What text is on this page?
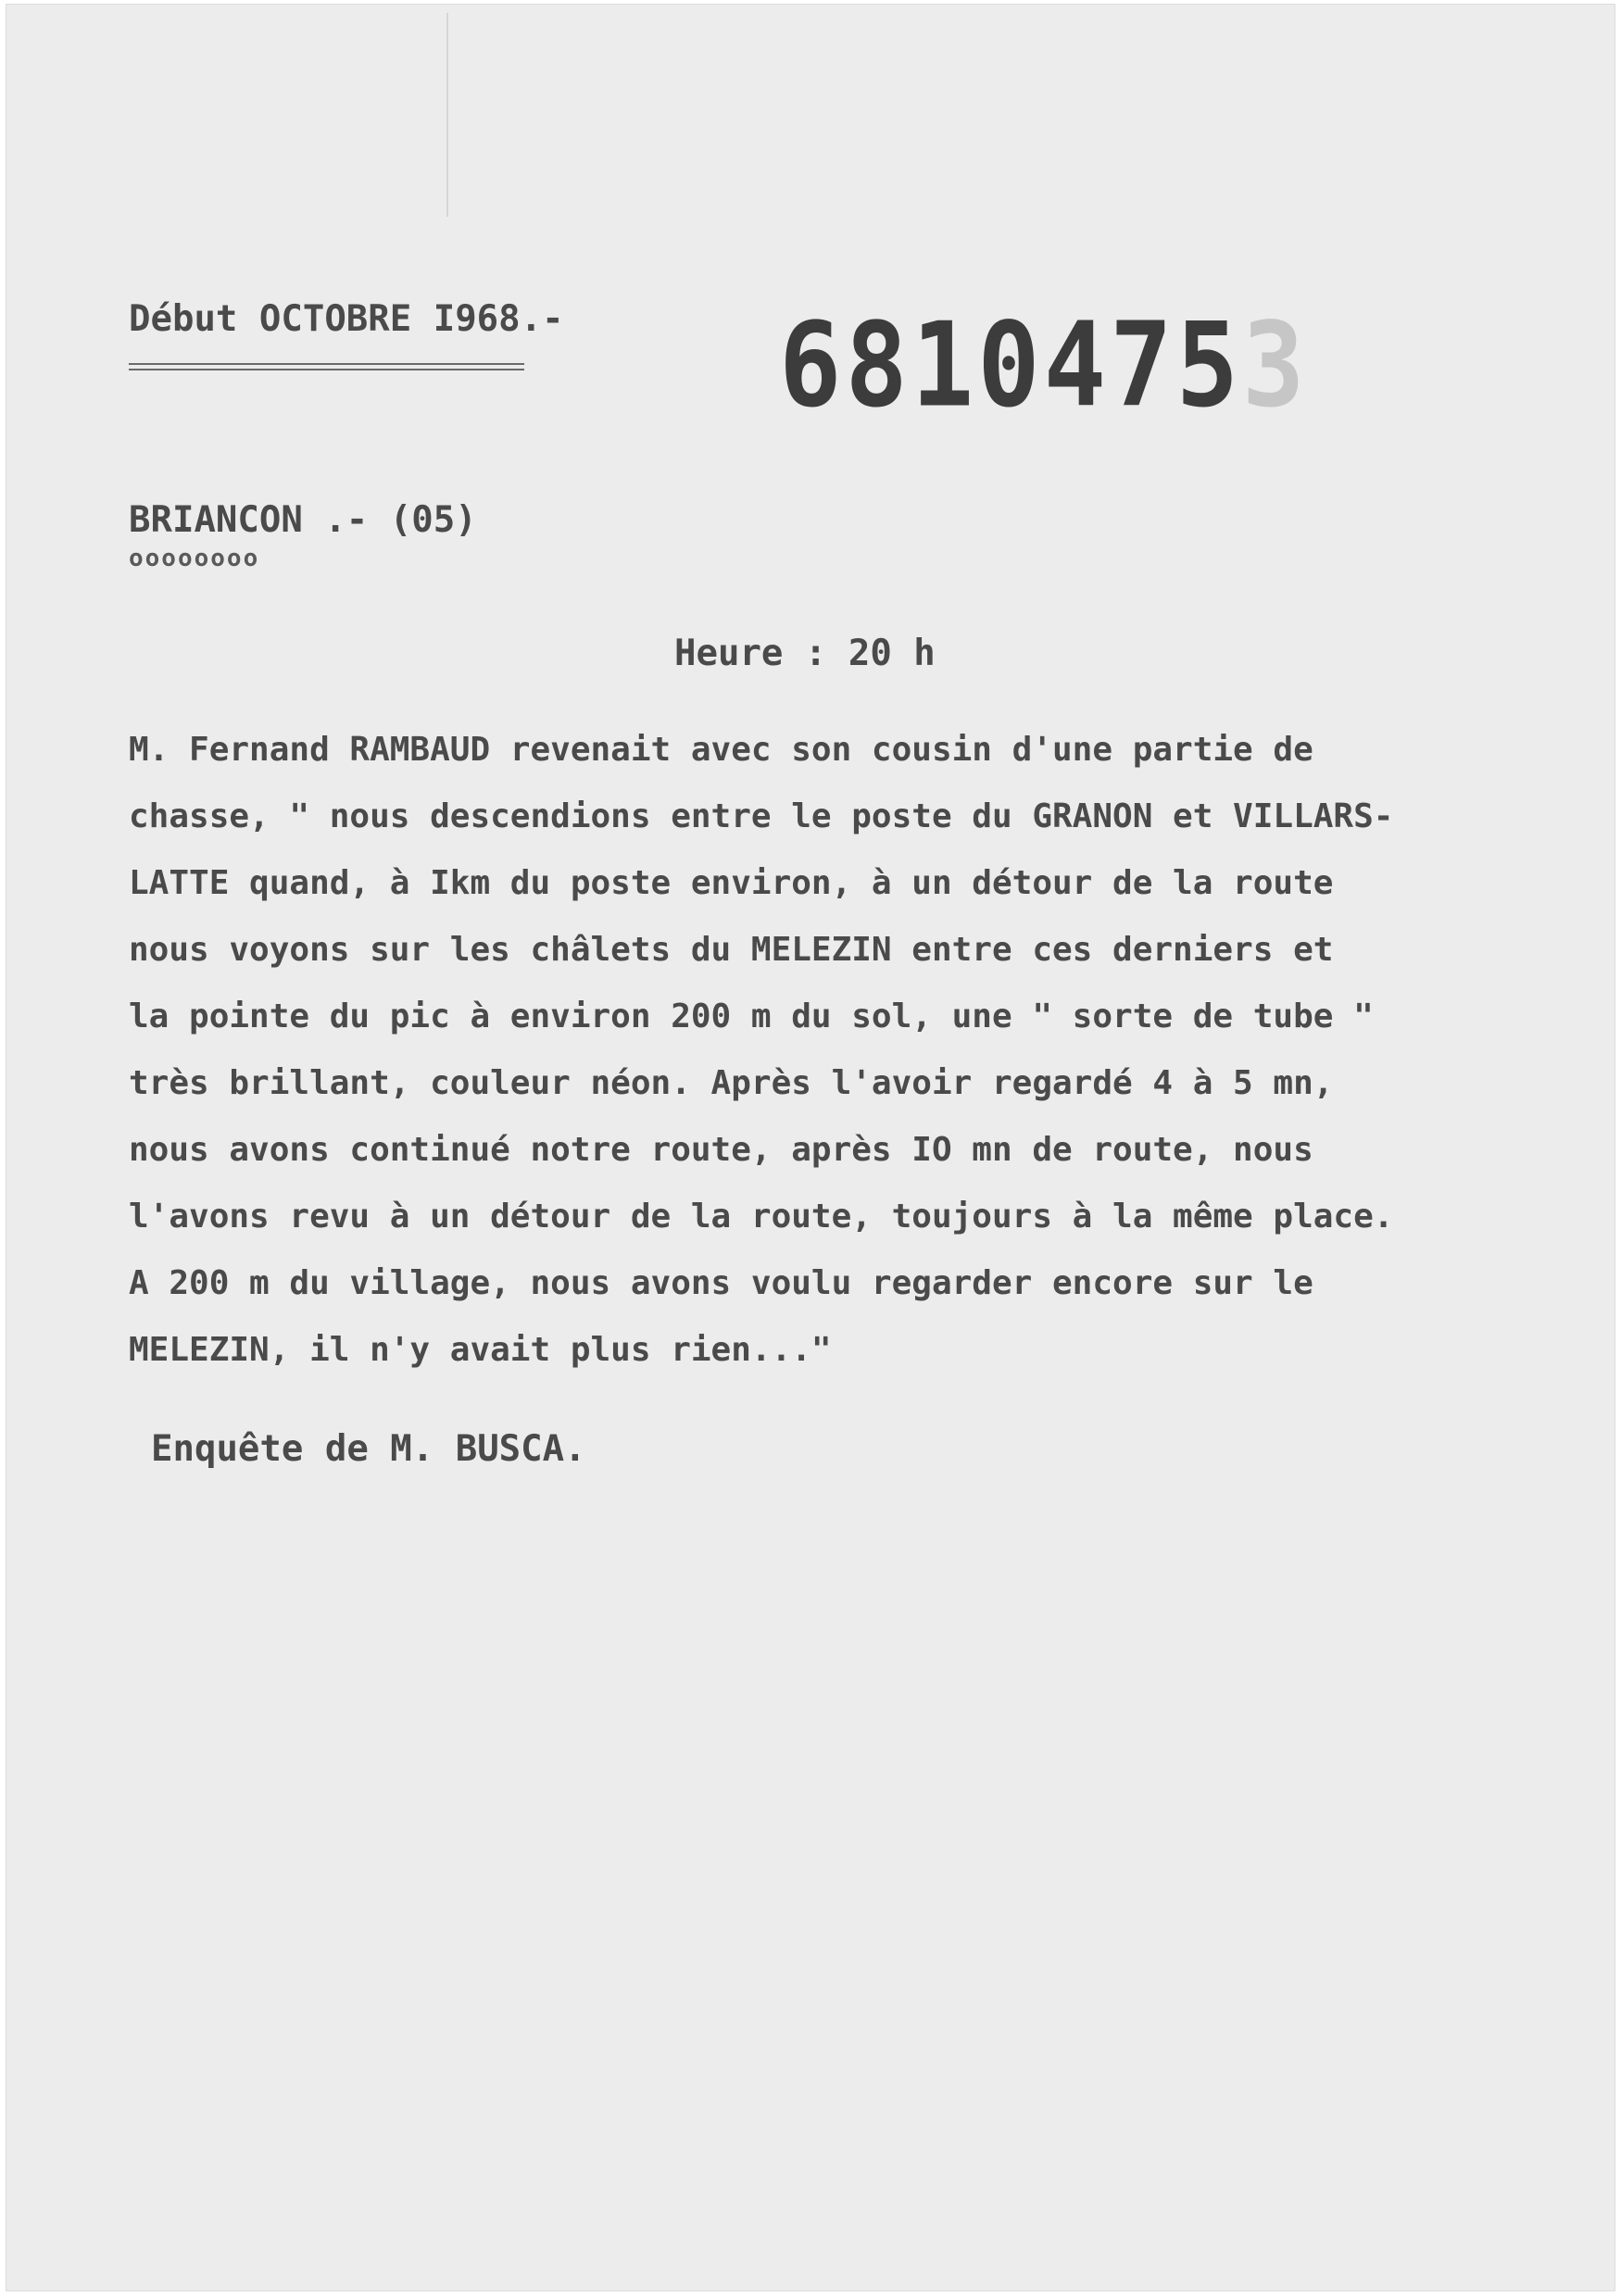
Début OCTOBRE I968.- 68104753
BRIANCON .- (05)
oooooooo
Heure : 20 h
M. Fernand RAMBAUD revenait avec son cousin d'une partie de
chasse, " nous descendions entre le poste du GRANON et VILLARS-
LATTE quand, à Ikm du poste environ, à un détour de la route
nous voyons sur les châlets du MELEZIN entre ces derniers et
la pointe du pic à environ 200 m du sol, une " sorte de tube "
très brillant, couleur néon. Après l'avoir regardé 4 à 5 mn,
nous avons continué notre route, après IO mn de route, nous
l'avons revu à un détour de la route, toujours à la même place.
A 200 m du village, nous avons voulu regarder encore sur le
MELEZIN, il n'y avait plus rien..."
Enquête de M. BUSCA.
